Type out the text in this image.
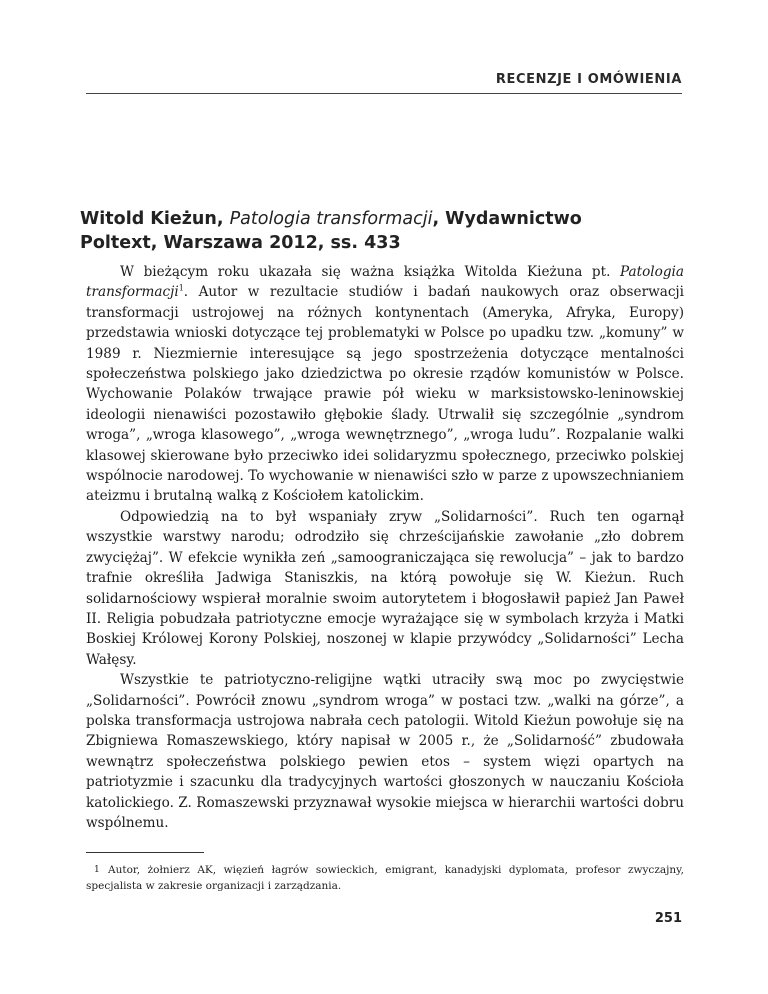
RECENZJE I OMÓWIENIA
Witold Kieżun, Patologia transformacji, Wydawnictwo Poltext, Warszawa 2012, ss. 433

W bieżącym roku ukazała się ważna książka Witolda Kieżuna pt. Patologia transformacji$^1$. Autor w rezultacie studiów i badań naukowych oraz obserwacji transformacji ustrojowej na różnych kontynentach (Ameryka, Afryka, Europy) przedstawia wnioski dotyczące tej problematyki w Polsce po upadku tzw. „komuny” w 1989 r. Niezmiernie interesujące są jego spostrzeżenia dotyczące mentalności społeczeństwa polskiego jako dziedzictwa po okresie rządów komunistów w Polsce. Wychowanie Polaków trwające prawie pół wieku w marksistowsko-leninowskiej ideologii nienawiści pozostawiło głębokie ślady. Utrwalił się szczególnie „syndrom wroga”, „wroga klasowego”, „wroga wewnętrznego”, „wroga ludu”. Rozpalanie walki klasowej skierowane było przeciwko idei solidaryzmu społecznego, przeciwko polskiej wspólnocie narodowej. To wychowanie w nienawiści szło w parze z upowszechnianiem ateizmu i brutalną walką z Kościołem katolickim.

Odpowiedzią na to był wspaniały zryw „Solidarności”. Ruch ten ogarnął wszystkie warstwy narodu; odrodziło się chrześcijańskie zawołanie „zło dobrem zwyciężaj”. W efekcie wynikła zeń „samoograniczająca się rewolucja” – jak to bardzo trafnie określiła Jadwiga Staniszkis, na którą powołuje się W. Kieżun. Ruch solidarnościowy wspierał moralnie swoim autorytetem i błogosławił papież Jan Paweł II. Religia pobudzała patriotyczne emocje wyrażające się w symbolach krzyża i Matki Boskiej Królowej Korony Polskiej, noszonej w klapie przywódcy „Solidarności” Lecha Wałęsy.

Wszystkie te patriotyczno-religijne wątki utraciły swą moc po zwycięstwie „Solidarności”. Powrócił znowu „syndrom wroga” w postaci tzw. „walki na górze”, a polska transformacja ustrojowa nabrała cech patologii. Witold Kieżun powołuje się na Zbigniewa Romaszewskiego, który napisał w 2005 r., że „Solidarność” zbudowała wewnątrz społeczeństwa polskiego pewien etos – system więzi opartych na patriotyzmie i szacunku dla tradycyjnych wartości głoszonych w nauczaniu Kościoła katolickiego. Z. Romaszewski przyznawał wysokie miejsca w hierarchii wartości dobru wspólnemu.

1 Autor, żołnierz AK, więzień łagrów sowieckich, emigrant, kanadyjski dyplomata, profesor zwyczajny, specjalista w zakresie organizacji i zarządzania.
251
